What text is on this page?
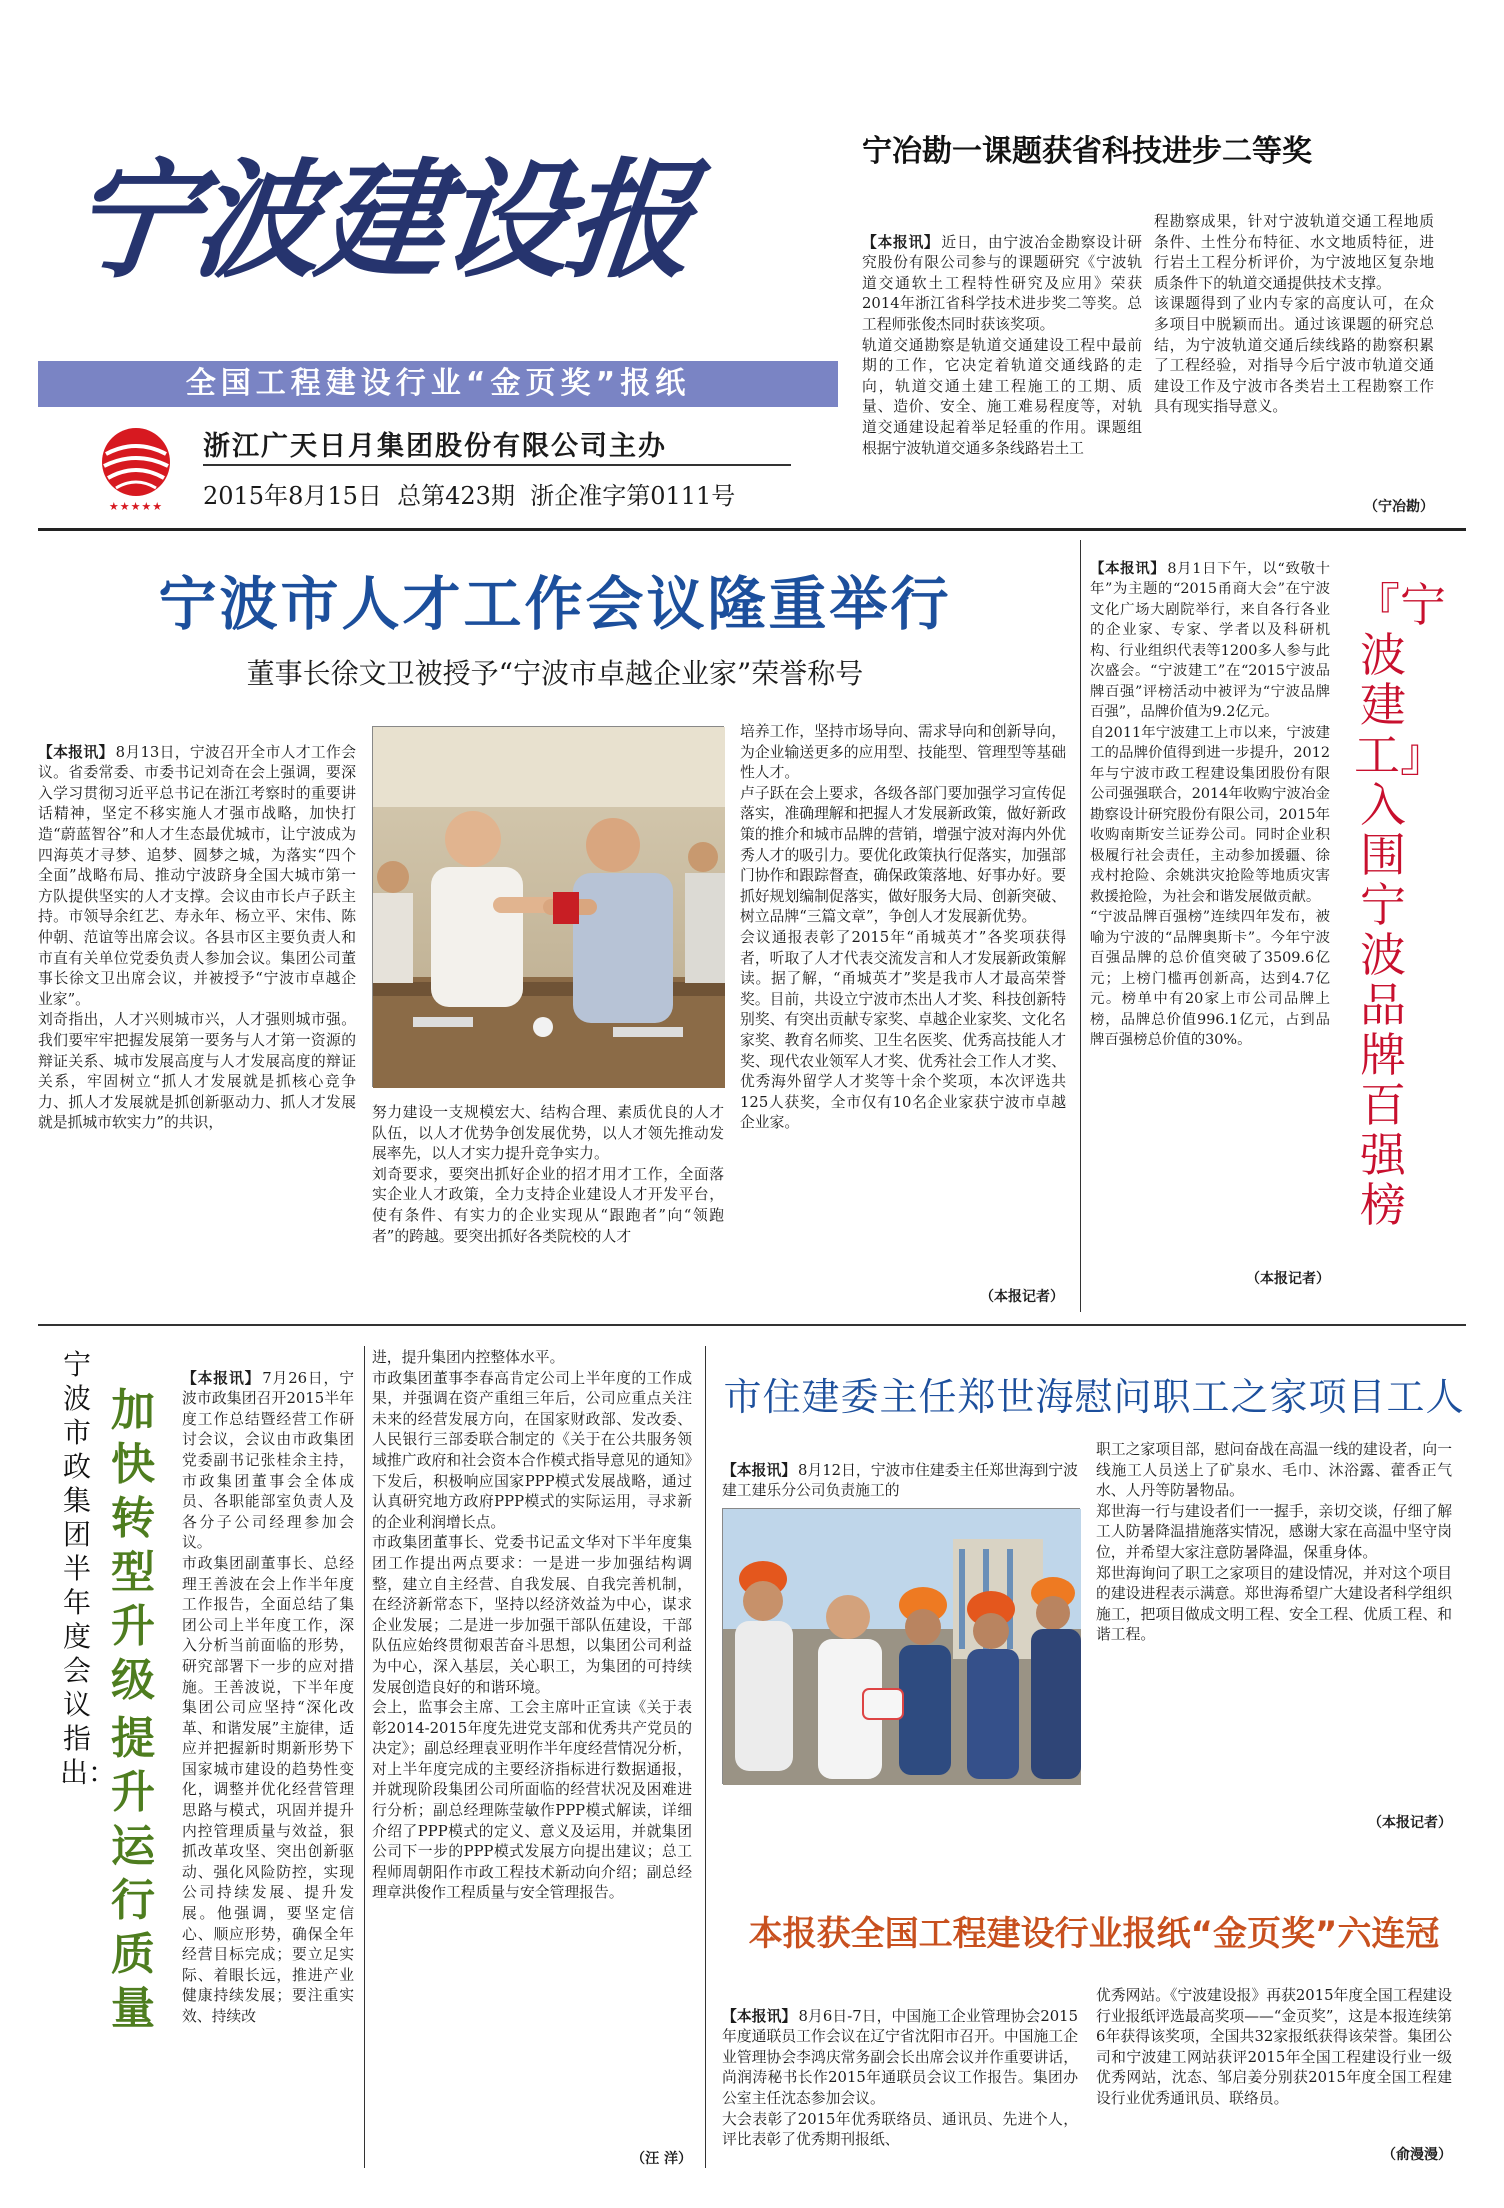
宁波建设报
全国工程建设行业“金页奖”报纸
★★★★★
浙江广天日月集团股份有限公司主办
2015年8月15日  总第423期  浙企准字第0111号
宁冶勘一课题获省科技进步二等奖

【本报讯】 近日，由宁波冶金勘察设计研究股份有限公司参与的课题研究《宁波轨道交通软土工程特性研究及应用》荣获2014年浙江省科学技术进步奖二等奖。总工程师张俊杰同时获该奖项。
轨道交通勘察是轨道交通建设工程中最前期的工作，它决定着轨道交通线路的走向，轨道交通土建工程施工的工期、质量、造价、安全、施工难易程度等，对轨道交通建设起着举足轻重的作用。课题组根据宁波轨道交通多条线路岩土工

程勘察成果，针对宁波轨道交通工程地质条件、土性分布特征、水文地质特征，进行岩土工程分析评价，为宁波地区复杂地质条件下的轨道交通提供技术支撑。
该课题得到了业内专家的高度认可，在众多项目中脱颖而出。通过该课题的研究总结，为宁波轨道交通后续线路的勘察积累了工程经验，对指导今后宁波市轨道交通建设工作及宁波市各类岩土工程勘察工作具有现实指导意义。
（宁冶勘）
宁波市人才工作会议隆重举行
董事长徐文卫被授予“宁波市卓越企业家”荣誉称号

【本报讯】 8月13日，宁波召开全市人才工作会议。省委常委、市委书记刘奇在会上强调，要深入学习贯彻习近平总书记在浙江考察时的重要讲话精神，坚定不移实施人才强市战略，加快打造“蔚蓝智谷”和人才生态最优城市，让宁波成为四海英才寻梦、追梦、圆梦之城，为落实“四个全面”战略布局、推动宁波跻身全国大城市第一方队提供坚实的人才支撑。会议由市长卢子跃主持。市领导余红艺、寿永年、杨立平、宋伟、陈仲朝、范谊等出席会议。各县市区主要负责人和市直有关单位党委负责人参加会议。集团公司董事长徐文卫出席会议，并被授予“宁波市卓越企业家”。
刘奇指出，人才兴则城市兴，人才强则城市强。我们要牢牢把握发展第一要务与人才第一资源的辩证关系、城市发展高度与人才发展高度的辩证关系，牢固树立“抓人才发展就是抓核心竞争力、抓人才发展就是抓创新驱动力、抓人才发展就是抓城市软实力”的共识，

努力建设一支规模宏大、结构合理、素质优良的人才队伍，以人才优势争创发展优势，以人才领先推动发展率先，以人才实力提升竞争实力。
刘奇要求，要突出抓好企业的招才用才工作，全面落实企业人才政策，全力支持企业建设人才开发平台，使有条件、有实力的企业实现从“跟跑者”向“领跑者”的跨越。要突出抓好各类院校的人才
培养工作，坚持市场导向、需求导向和创新导向，为企业输送更多的应用型、技能型、管理型等基础性人才。
卢子跃在会上要求，各级各部门要加强学习宣传促落实，准确理解和把握人才发展新政策，做好新政策的推介和城市品牌的营销，增强宁波对海内外优秀人才的吸引力。要优化政策执行促落实，加强部门协作和跟踪督查，确保政策落地、好事办好。要抓好规划编制促落实，做好服务大局、创新突破、树立品牌“三篇文章”，争创人才发展新优势。
会议通报表彰了2015年“甬城英才”各奖项获得者，听取了人才代表交流发言和人才发展新政策解读。据了解，“甬城英才”奖是我市人才最高荣誉奖。目前，共设立宁波市杰出人才奖、科技创新特别奖、有突出贡献专家奖、卓越企业家奖、文化名家奖、教育名师奖、卫生名医奖、优秀高技能人才奖、现代农业领军人才奖、优秀社会工作人才奖、优秀海外留学人才奖等十余个奖项，本次评选共125人获奖，全市仅有10名企业家获宁波市卓越企业家。
（本报记者）

【本报讯】 8月1日下午，以“致敬十年”为主题的“2015甬商大会”在宁波文化广场大剧院举行，来自各行各业的企业家、专家、学者以及科研机构、行业组织代表等1200多人参与此次盛会。“宁波建工”在“2015宁波品牌百强”评榜活动中被评为“宁波品牌百强”，品牌价值为9.2亿元。
自2011年宁波建工上市以来，宁波建工的品牌价值得到进一步提升，2012年与宁波市政工程建设集团股份有限公司强强联合，2014年收购宁波冶金勘察设计研究股份有限公司，2015年收购南斯安兰证券公司。同时企业积极履行社会责任，主动参加援疆、徐戎村抢险、余姚洪灾抢险等地质灾害救援抢险，为社会和谐发展做贡献。
“宁波品牌百强榜”连续四年发布，被喻为宁波的“品牌奥斯卡”。今年宁波百强品牌的总价值突破了3509.6亿元；上榜门槛再创新高，达到4.7亿元。榜单中有20家上市公司品牌上榜，品牌总价值996.1亿元，占到品牌百强榜总价值的30%。

（本报记者）
『宁波建工』入围宁波品牌百强榜
宁波市政集团半年度会议指出：
加快转型升级
提升运行质量

【本报讯】 7月26日，宁波市政集团召开2015半年度工作总结暨经营工作研讨会议，会议由市政集团党委副书记张桂余主持，市政集团董事会全体成员、各职能部室负责人及各分子公司经理参加会议。
市政集团副董事长、总经理王善波在会上作半年度工作报告，全面总结了集团公司上半年度工作，深入分析当前面临的形势，研究部署下一步的应对措施。王善波说，下半年度集团公司应坚持“深化改革、和谐发展”主旋律，适应并把握新时期新形势下国家城市建设的趋势性变化，调整并优化经营管理思路与模式，巩固并提升内控管理质量与效益，狠抓改革攻坚、突出创新驱动、强化风险防控，实现公司持续发展、提升发展。他强调，要坚定信心、顺应形势，确保全年经营目标完成；要立足实际、着眼长远，推进产业健康持续发展；要注重实效、持续改

进，提升集团内控整体水平。
市政集团董事李春高肯定公司上半年度的工作成果，并强调在资产重组三年后，公司应重点关注未来的经营发展方向，在国家财政部、发改委、人民银行三部委联合制定的《关于在公共服务领域推广政府和社会资本合作模式指导意见的通知》下发后，积极响应国家PPP模式发展战略，通过认真研究地方政府PPP模式的实际运用，寻求新的企业利润增长点。
市政集团董事长、党委书记孟文华对下半年度集团工作提出两点要求：一是进一步加强结构调整，建立自主经营、自我发展、自我完善机制，在经济新常态下，坚持以经济效益为中心，谋求企业发展；二是进一步加强干部队伍建设，干部队伍应始终贯彻艰苦奋斗思想，以集团公司利益为中心，深入基层，关心职工，为集团的可持续发展创造良好的和谐环境。
会上，监事会主席、工会主席叶正宣读《关于表彰2014-2015年度先进党支部和优秀共产党员的决定》；副总经理袁亚明作半年度经营情况分析，对上半年度完成的主要经济指标进行数据通报，并就现阶段集团公司所面临的经营状况及困难进行分析；副总经理陈莹敏作PPP模式解读，详细介绍了PPP模式的定义、意义及运用，并就集团公司下一步的PPP模式发展方向提出建议；总工程师周朝阳作市政工程技术新动向介绍；副总经理章洪俊作工程质量与安全管理报告。
（汪 洋）
市住建委主任郑世海慰问职工之家项目工人

【本报讯】 8月12日，宁波市住建委主任郑世海到宁波建工建乐分公司负责施工的

职工之家项目部，慰问奋战在高温一线的建设者，向一线施工人员送上了矿泉水、毛巾、沐浴露、藿香正气水、人丹等防暑物品。
郑世海一行与建设者们一一握手，亲切交谈，仔细了解工人防暑降温措施落实情况，感谢大家在高温中坚守岗位，并希望大家注意防暑降温，保重身体。
郑世海询问了职工之家项目的建设情况，并对这个项目的建设进程表示满意。郑世海希望广大建设者科学组织施工，把项目做成文明工程、安全工程、优质工程、和谐工程。
（本报记者）
本报获全国工程建设行业报纸“金页奖”六连冠

【本报讯】 8月6日-7日，中国施工企业管理协会2015年度通联员工作会议在辽宁省沈阳市召开。中国施工企业管理协会李鸿庆常务副会长出席会议并作重要讲话，尚润涛秘书长作2015年通联员会议工作报告。集团办公室主任沈态参加会议。
大会表彰了2015年优秀联络员、通讯员、先进个人，评比表彰了优秀期刊报纸、

优秀网站。《宁波建设报》再获2015年度全国工程建设行业报纸评选最高奖项——“金页奖”，这是本报连续第6年获得该奖项，全国共32家报纸获得该荣誉。集团公司和宁波建工网站获评2015年全国工程建设行业一级优秀网站，沈态、邹启姜分别获2015年度全国工程建设行业优秀通讯员、联络员。
（俞漫漫）
